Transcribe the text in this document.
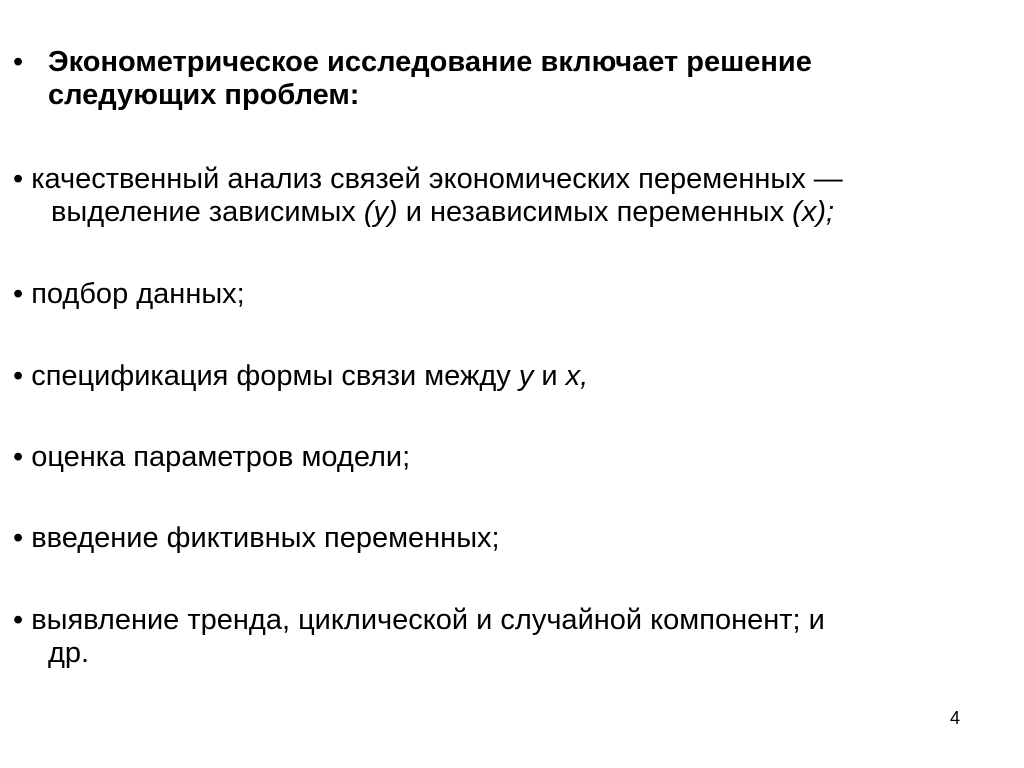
• Эконометрическое исследование включает решение
следующих проблем:
• качественный анализ связей экономических переменных —
выделение зависимых (у) и независимых переменных (х);
• подбор данных;
• спецификация формы связи между у и х,
• оценка параметров модели;
• введение фиктивных переменных;
• выявление тренда, циклической и случайной компонент; и
др.
4
